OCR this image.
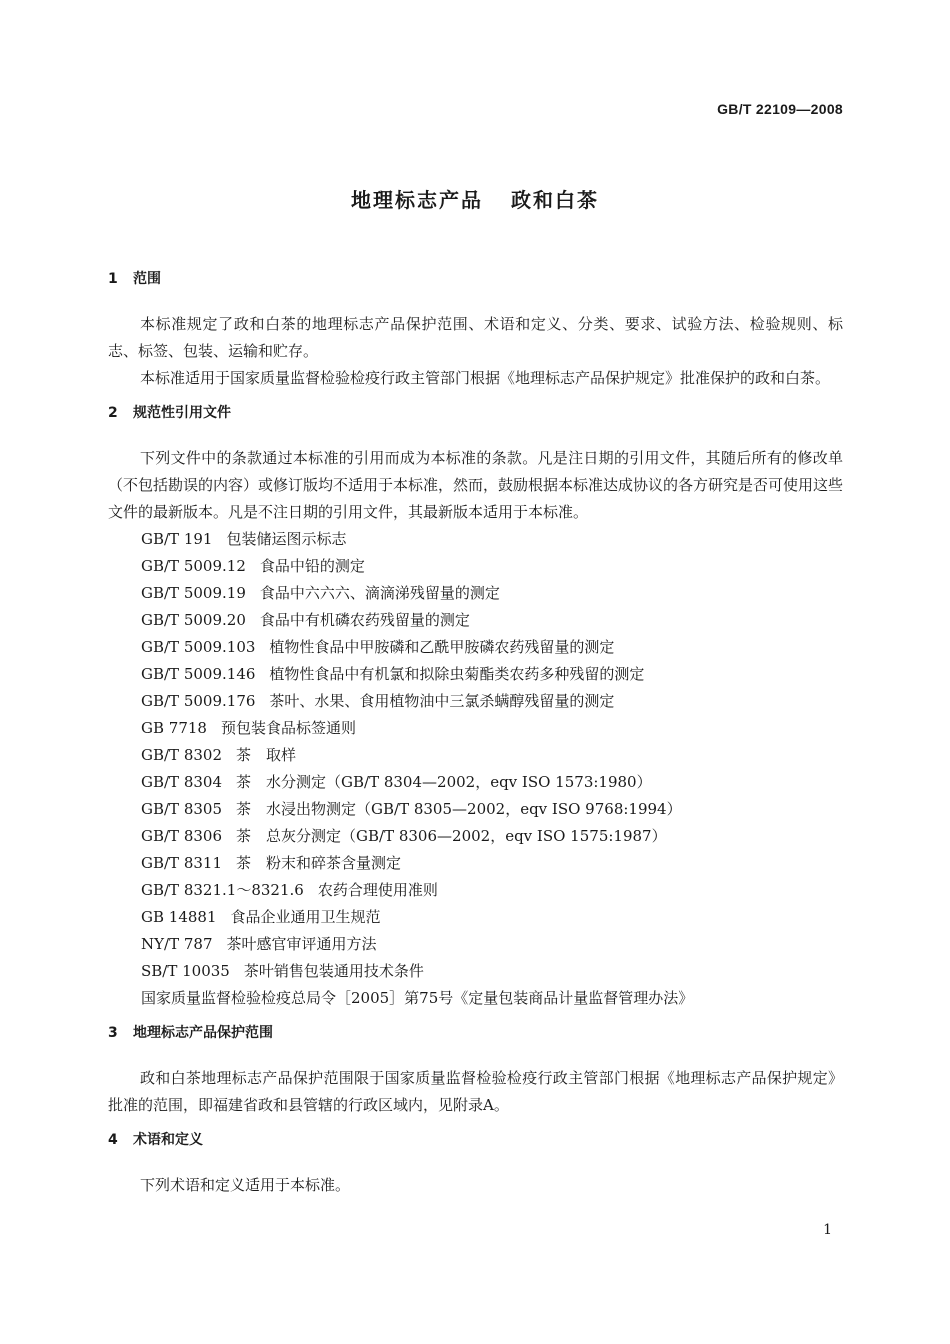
GB/T 22109—2008
地理标志产品 政和白茶
1 范围

本标准规定了政和白茶的地理标志产品保护范围、术语和定义、分类、要求、试验方法、检验规则、标志、标签、包装、运输和贮存。

本标准适用于国家质量监督检验检疫行政主管部门根据《地理标志产品保护规定》批准保护的政和白茶。

2 规范性引用文件

下列文件中的条款通过本标准的引用而成为本标准的条款。凡是注日期的引用文件，其随后所有的修改单（不包括勘误的内容）或修订版均不适用于本标准，然而，鼓励根据本标准达成协议的各方研究是否可使用这些文件的最新版本。凡是不注日期的引用文件，其最新版本适用于本标准。

GB/T 191 包装储运图示标志
GB/T 5009.12 食品中铅的测定
GB/T 5009.19 食品中六六六、滴滴涕残留量的测定
GB/T 5009.20 食品中有机磷农药残留量的测定
GB/T 5009.103 植物性食品中甲胺磷和乙酰甲胺磷农药残留量的测定
GB/T 5009.146 植物性食品中有机氯和拟除虫菊酯类农药多种残留的测定
GB/T 5009.176 茶叶、水果、食用植物油中三氯杀螨醇残留量的测定
GB 7718 预包装食品标签通则
GB/T 8302 茶　取样
GB/T 8304 茶　水分测定（GB/T 8304—2002，eqv ISO 1573:1980）
GB/T 8305 茶　水浸出物测定（GB/T 8305—2002，eqv ISO 9768:1994）
GB/T 8306 茶　总灰分测定（GB/T 8306—2002，eqv ISO 1575:1987）
GB/T 8311 茶　粉末和碎茶含量测定
GB/T 8321.1～8321.6 农药合理使用准则
GB 14881 食品企业通用卫生规范
NY/T 787 茶叶感官审评通用方法
SB/T 10035 茶叶销售包装通用技术条件
国家质量监督检验检疫总局令［2005］第75号《定量包装商品计量监督管理办法》
3 地理标志产品保护范围

政和白茶地理标志产品保护范围限于国家质量监督检验检疫行政主管部门根据《地理标志产品保护规定》批准的范围，即福建省政和县管辖的行政区域内，见附录A。

4 术语和定义

下列术语和定义适用于本标准。

1
